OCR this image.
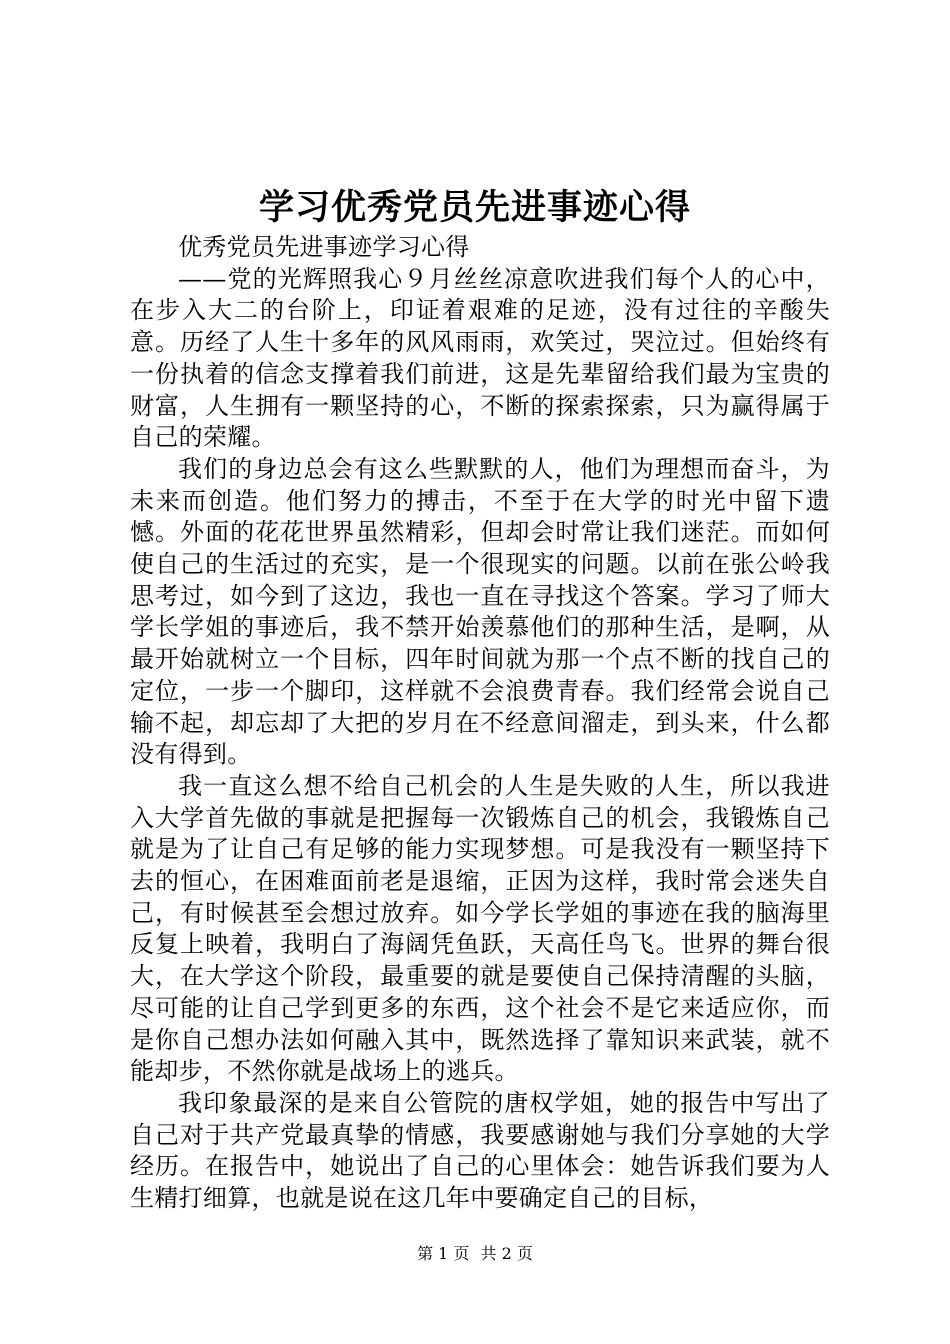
学习优秀党员先进事迹心得

优秀党员先进事迹学习心得

——党的光辉照我心９月丝丝凉意吹进我们每个人的心中，在步入大二的台阶上，印证着艰难的足迹，没有过往的辛酸失意。历经了人生十多年的风风雨雨，欢笑过，哭泣过。但始终有一份执着的信念支撑着我们前进，这是先辈留给我们最为宝贵的财富，人生拥有一颗坚持的心，不断的探索探索，只为赢得属于自己的荣耀。

我们的身边总会有这么些默默的人，他们为理想而奋斗，为未来而创造。他们努力的搏击，不至于在大学的时光中留下遗憾。外面的花花世界虽然精彩，但却会时常让我们迷茫。而如何使自己的生活过的充实，是一个很现实的问题。以前在张公岭我思考过，如今到了这边，我也一直在寻找这个答案。学习了师大学长学姐的事迹后，我不禁开始羡慕他们的那种生活，是啊，从最开始就树立一个目标，四年时间就为那一个点不断的找自己的定位，一步一个脚印，这样就不会浪费青春。我们经常会说自己输不起，却忘却了大把的岁月在不经意间溜走，到头来，什么都没有得到。

我一直这么想不给自己机会的人生是失败的人生，所以我进入大学首先做的事就是把握每一次锻炼自己的机会，我锻炼自己就是为了让自己有足够的能力实现梦想。可是我没有一颗坚持下去的恒心，在困难面前老是退缩，正因为这样，我时常会迷失自己，有时候甚至会想过放弃。如今学长学姐的事迹在我的脑海里反复上映着，我明白了海阔凭鱼跃，天高任鸟飞。世界的舞台很大，在大学这个阶段，最重要的就是要使自己保持清醒的头脑，尽可能的让自己学到更多的东西，这个社会不是它来适应你，而是你自己想办法如何融入其中，既然选择了靠知识来武装，就不能却步，不然你就是战场上的逃兵。

我印象最深的是来自公管院的唐权学姐，她的报告中写出了自己对于共产党最真挚的情感，我要感谢她与我们分享她的大学经历。在报告中，她说出了自己的心里体会：她告诉我们要为人生精打细算，也就是说在这几年中要确定自己的目标，

第 1 页 共 2 页
